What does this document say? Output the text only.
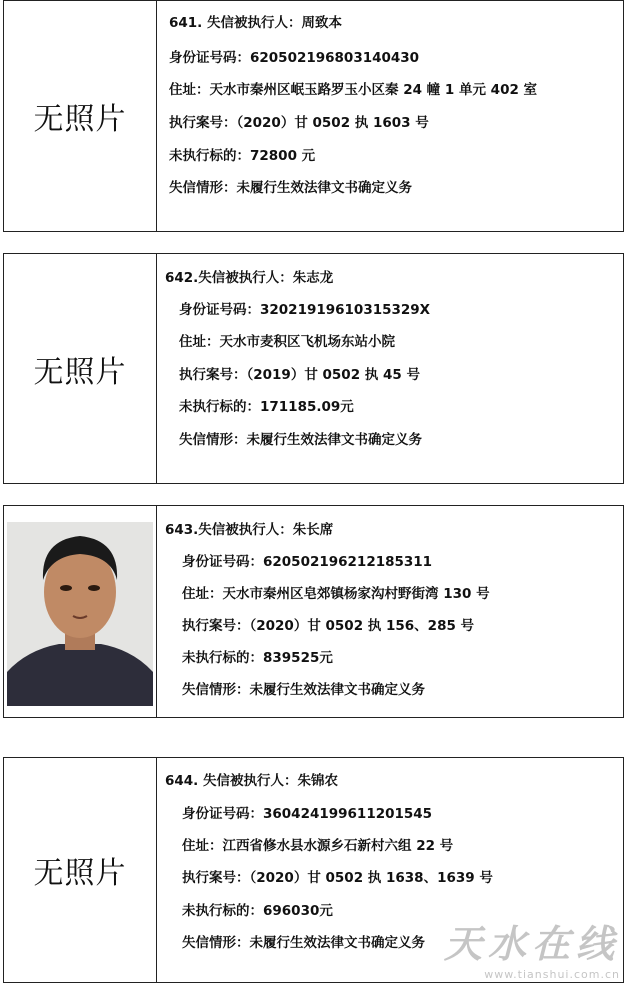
无照片
641. 失信被执行人：周致本
身份证号码：620502196803140430
住址：天水市秦州区岷玉路罗玉小区秦 24 幢 1 单元 402 室
执行案号：（2020）甘 0502 执 1603 号
未执行标的：72800 元
失信情形：未履行生效法律文书确定义务
无照片
642.失信被执行人：朱志龙
身份证号码：32021919610315329X
住址：天水市麦积区飞机场东站小院
执行案号：（2019）甘 0502 执 45 号
未执行标的：171185.09元
失信情形：未履行生效法律文书确定义务
643.失信被执行人：朱长席
身份证号码：620502196212185311
住址：天水市秦州区皂郊镇杨家沟村野街湾 130 号
执行案号：（2020）甘 0502 执 156、285 号
未执行标的：839525元
失信情形：未履行生效法律文书确定义务
无照片
644. 失信被执行人：朱锦农
身份证号码：360424199611201545
住址：江西省修水县水源乡石新村六组 22 号
执行案号：（2020）甘 0502 执 1638、1639 号
未执行标的：696030元
失信情形：未履行生效法律文书确定义务 天水在线
www.tianshui.com.cn
